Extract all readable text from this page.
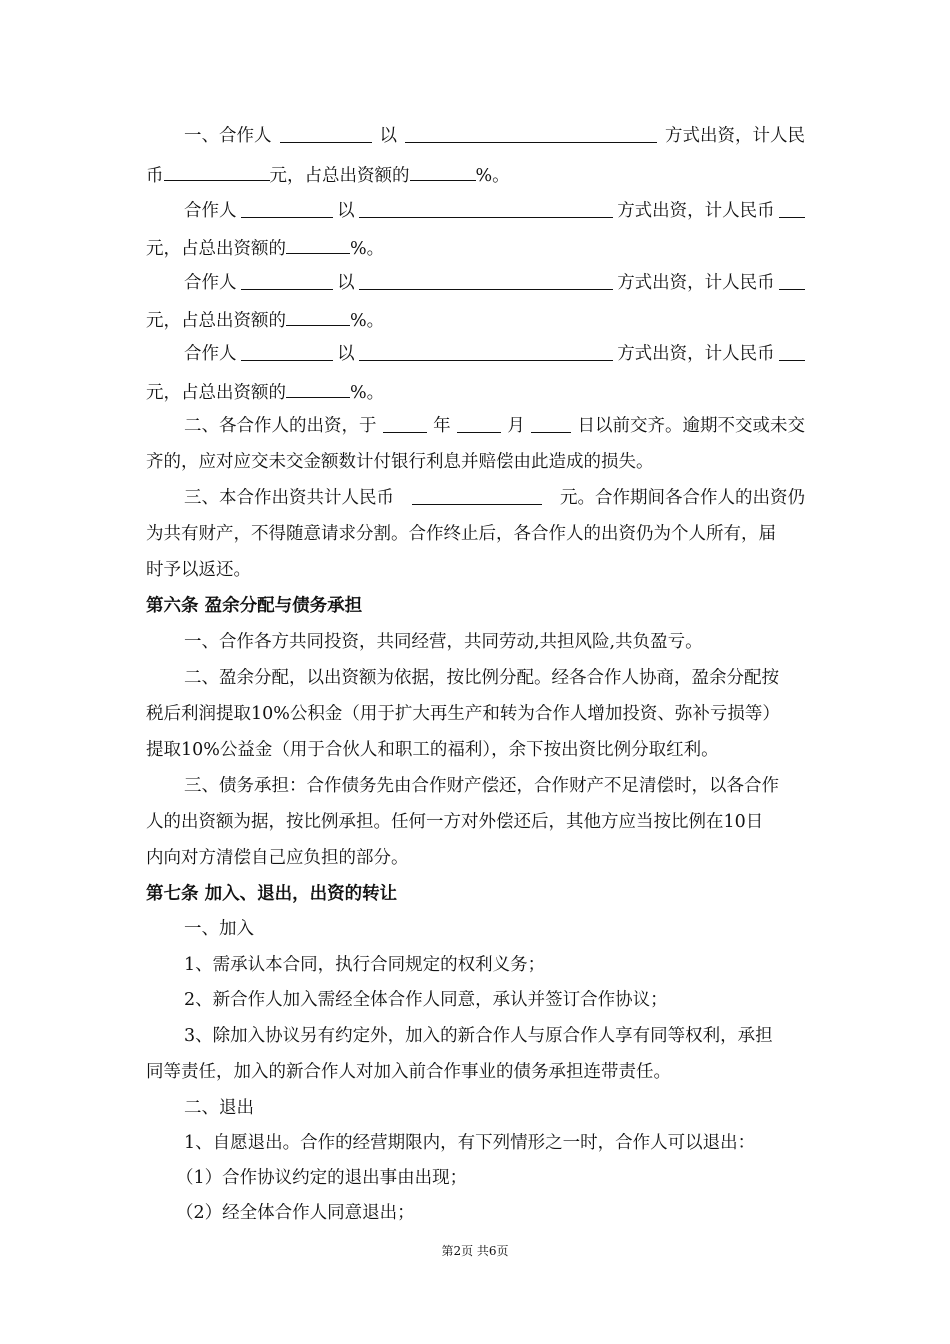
一、合作人	以	方式出资，计人民
币	元，占总出资额的	%。
合作人	以	方式出资，计人民币
元，占总出资额的	%。
合作人	以	方式出资，计人民币
元，占总出资额的	%。
合作人	以	方式出资，计人民币
元，占总出资额的	%。
二、各合作人的出资，于	年	月	日以前交齐。逾期不交或未交
齐的，应对应交未交金额数计付银行利息并赔偿由此造成的损失。
三、本合作出资共计人民币	元。合作期间各合作人的出资仍
为共有财产，不得随意请求分割。合作终止后，各合作人的出资仍为个人所有，届
时予以返还。
第六条 盈余分配与债务承担
一、合作各方共同投资，共同经营，共同劳动,共担风险,共负盈亏。
二、盈余分配，以出资额为依据，按比例分配。经各合作人协商，盈余分配按
税后利润提取10%公积金（用于扩大再生产和转为合作人增加投资、弥补亏损等）
提取10%公益金（用于合伙人和职工的福利），余下按出资比例分取红利。
三、债务承担：合作债务先由合作财产偿还，合作财产不足清偿时，以各合作
人的出资额为据，按比例承担。任何一方对外偿还后，其他方应当按比例在10日
内向对方清偿自己应负担的部分。
第七条 加入、退出，出资的转让
一、加入
1、需承认本合同，执行合同规定的权利义务；
2、新合作人加入需经全体合作人同意，承认并签订合作协议；
3、除加入协议另有约定外，加入的新合作人与原合作人享有同等权利，承担
同等责任，加入的新合作人对加入前合作事业的债务承担连带责任。
二、退出
1、自愿退出。合作的经营期限内，有下列情形之一时，合作人可以退出：
（1）合作协议约定的退出事由出现；
（2）经全体合作人同意退出；
第2页 共6页
